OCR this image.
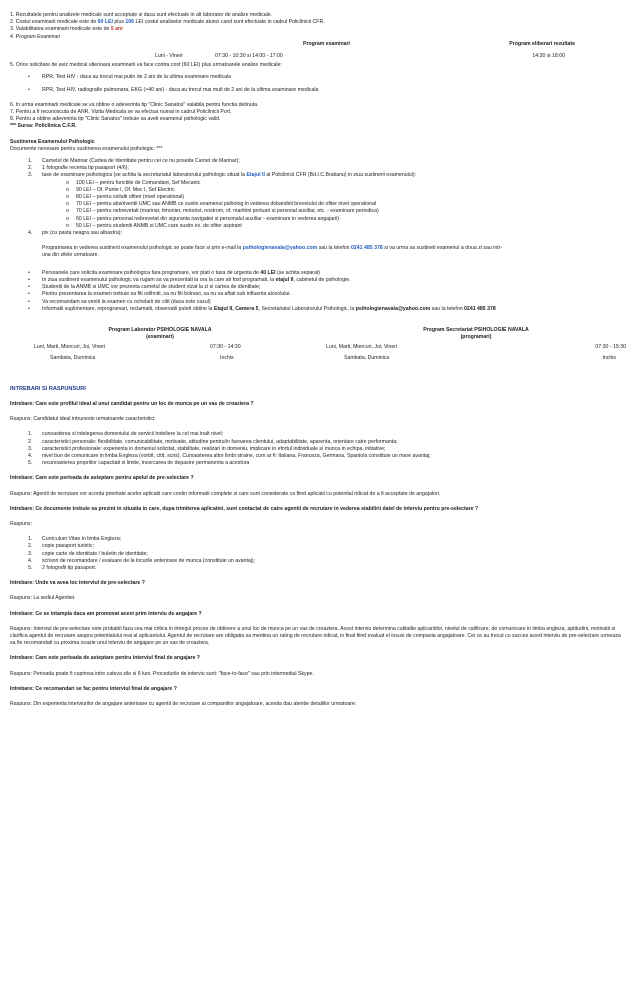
1. Rezultatele pentru analizele medicale sunt acceptate si daca sunt efectuate in alt laborator de analize medicale.

2. Costul examinarii medicale este de 60 LEI plus 106 LEI costul analizelor medicale atunci cand sunt efectuate in cadrul Policlinicii CFR.

3. Valabilitatea examinarii medicale este de 5 ani

4. Program Examinari

Program examinari	Program eliberari rezultate
Luni - Vineri	07:30 - 10:30 si 14:00 - 17:00	14:30 si 18:00

5. Orice solicitare de aviz medical ulterioara examinarii va face contra cost (60 LEI) plus urmatoarele analize medicale:

•	RPR, Test HIV - daca au trecut mai putin de 2 ani de la ultima examinare medicala
•	RPR, Test HIV, radiografie pulmonara, EKG (>40 ani) - daca au trecut mai mult de 2 ani de la ultima examinare medicala

6. In urma examinarii medicale se va obtine o adeverinta tip "Clinic Sanatos" valabila pentru functia detinuta.

7. Pentru a fi recunoscuta de ANR, Vizita Medicala se va efectua numai in cadrul Policlinicii Port.

8. Pentru a obtine adeverinta tip "Clinic Sanatos" trebuie sa aveti examenul psihologic valid.

*** Sursa: Policlinica C.F.R.

Sustinerea Examenului Psihologic

Documente necesare pentru sustinerea examenului psihologic: ***

1.	Carnetul de Marinar (Cartea de Identitate pentru cei ce nu poseda Carnet de Marinar);
2.	1 fotografie recenta tip pasaport (4/6);
3.	taxe de examinare psihologica (se achita la secretariatul laboratorului psihologic situat la Etajul II al Policlinicii CFR (Bd.I.C.Bratianu) in ziua sustinerii examenului):
o	100 LEI – pentru functiile de Comandant, Sef Mecanic
o	90 LEI – Of. Punte I, Of. Mec I, Sef Electric
o	80 LEI – pentru ceilalti ofiteri (nivel operational)
o	70 LEI – pentru absolventii UMC sau ANMB ce sustin examenul psiholog in vederea dobandirii brevetului de ofiter nivel operational
o	70 LEI – pentru nebrevetati (marinar, timonier, motorist, nostrom, of. maritimi portuari si personal auxiliar, etc. - examinare periodica)
o	60 LEI – pentru personal nebrevetat din siguranta navigatiei si personalul auxiliar - examinare in vederea angajarii)
o	50 LEI – pentru studentii ANMB si UMC care sustin ex. de ofiter aspirant
4.	pix (cu pasta neagra sau albastra);

Programarea in vederea sustinerii examenului psihologic se poate face si prin e-mail la psihologienavala@yahoo.com sau la telefon 0241 485 378 si va urma sa sustineti examenul a doua zi sau intr-
una din zilele urmatoare.

•	Persoanele care solicita examinare psihologica fara programare, vor plati o taxa de urgenta de 40 LEI (se achita separat)
•	In ziua sustinerii examenului psihologic va rugam sa va prezentati la ora la care ati fost programati, la etajul II, cabinetul de psihologie.
•	Studentii de la ANMB si UMC vor prezenta carnetul de student vizat la zi si cartea de identitate;
•	Pentru prezentarea la examen trebuie sa fiti odihniti, sa nu fiti bolnavi, sa nu va aflati sub influenta alcoolului.
•	Va recomandam sa veniti la examen cu ochelarii de citit (daca este cazul)
•	Informatii suplimentare, reprogramari, reclamatii, observatii puteti obtine la Etajul II, Camera 5, Secretariatul Laboratorului Psihologic, la psihologienavala@yahoo.com sau la telefon 0241 485 378

Program Laborator PSIHOLOGIE NAVALA

(examinari)

Luni, Marti, Miercuri, Joi, Vineri	07:30 - 14:30
Sambata, Duminica	Inchis

Program Secretariat PSIHOLOGIE NAVALA

(programari)

Luni, Marti, Miercuri, Joi, Vineri	07:30 - 15:30
Sambata, Duminica	Inchis

INTREBARI SI RASPUNSURI

Intrebare: Care este profilul ideal al unui candidat pentru un loc de munca pe un vas de croaziera ?

Raspuns: Candidatul ideal intruneste urmatoarele caracteristici:

1.	cunoasterea si intelegerea domeniului de servicii hoteliere la cel mai inalt nivel;
2.	caracteristici personale: flexibilitate, comunicabilitate, motivatie, atitudine pentru/in favoarea clientului, adaptabilitate, aparenta, orientare catre performanta;
3.	caracteristici profesionale: experienta in domeniul solicitat, stabilitate, realizari in domeniu, implicare in efortul individuale si munca in echipa, initiative;
4.	nivel bun de comunicare in limba Engleza (vorbit, citit, scris). Cunoasterea altor limbi straine, cum ar fi: Italiana, Franceza, Germana, Spaniola constituie un mare avantaj;
5.	recunoasterea propriilor capacitati si limite, incercarea de depasire permanenta a acestora

Intrebare: Care este perioada de asteptare pentru apelul de pre-selectare ?

Raspuns: Agentii de recrutare vor acorda prioritate acelor aplicatii care contin informatii complete si care sunt considerate ca fiind aplicatii cu potential ridicat de a fi acceptate de angajatori.

Intrebare: Ce documente trebuie sa prezint in situatia in care, dupa trimiterea aplicatiei, sunt contactat de catre agentii de recrutare in vederea stabilirii datei de interviu pentru pre-selectare ?

Raspuns:

1.	Curriculum Vitae in limba Engleza;
2.	copie pasaport turistic;
3.	copie carte de identitate / buletin de identitate;
4.	scrisori de recomandare / evaluare de la locurile anterioare de munca (constituie un avantaj);
5.	2 fotografii tip pasaport.

Intrebare: Unde va avea loc interviul de pre-selectare ?

Raspuns: La sediul Agentiei.

Intrebare: Ce se intampla daca am promovat acest prim interviu de angajare ?

Raspuns: Interviul de pre-selectare este probabil faza cea mai critica in intregul proces de obtinere a unui loc de munca pe un vas de croaziera. Acest interviu determina calitatile aplicantilor, nivelul de calificare, de comunicare in limba engleza, aptitudini, motivatii si clarifica agentul de recrutare asupra potentialului real al aplicantului. Agentul de recrutare are obligatia sa mentina un rating de recrutare ridicat, in final fiind evaluat el insusi de compania angajatoare. Cei ce au trecut cu succes acest interviu de pre-selectare urmeaza sa fie recomandati cu proxima ocazie unui interviu de angajare pe un vas de croaziera.

Intrebare: Care este perioada de asteptare pentru interviul final de angajare ?

Raspuns: Perioada poate fi cuprinsa intre cateva zile si 6 luni. Procedurile de interviu sunt: "face-to-face" sau prin intermediul Skype.

Intrebare: Ce recomandari se fac pentru interviul final de angajare ?

Raspuns: Din experienta interviurilor de angajare anterioare cu agentii de recrutare ai companiilor angajatoare, acestia dau atentie detaliilor urmatoare:
